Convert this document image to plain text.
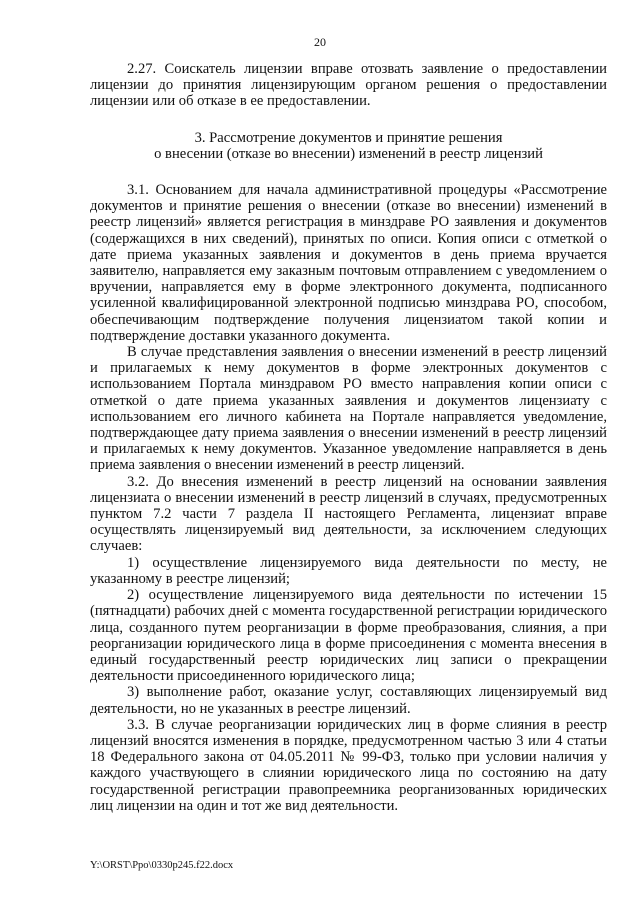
20

2.27. Соискатель лицензии вправе отозвать заявление о предоставлении лицензии до принятия лицензирующим органом решения о предоставлении лицензии или об отказе в ее предоставлении.

3. Рассмотрение документов и принятие решения
о внесении (отказе во внесении) изменений в реестр лицензий

3.1. Основанием для начала административной процедуры «Рассмотрение документов и принятие решения о внесении (отказе во внесении) изменений в реестр лицензий» является регистрация в минздраве РО заявления и документов (содержащихся в них сведений), принятых по описи. Копия описи с отметкой о дате приема указанных заявления и документов в день приема вручается заявителю, направляется ему заказным почтовым отправлением с уведомлением о вручении, направляется ему в форме электронного документа, подписанного усиленной квалифицированной электронной подписью минздрава РО, способом, обеспечивающим подтверждение получения лицензиатом такой копии и подтверждение доставки указанного документа.

В случае представления заявления о внесении изменений в реестр лицензий и прилагаемых к нему документов в форме электронных документов с использованием Портала минздравом РО вместо направления копии описи с отметкой о дате приема указанных заявления и документов лицензиату с использованием его личного кабинета на Портале направляется уведомление, подтверждающее дату приема заявления о внесении изменений в реестр лицензий и прилагаемых к нему документов. Указанное уведомление направляется в день приема заявления о внесении изменений в реестр лицензий.

3.2. До внесения изменений в реестр лицензий на основании заявления лицензиата о внесении изменений в реестр лицензий в случаях, предусмотренных пунктом 7.2 части 7 раздела II настоящего Регламента, лицензиат вправе осуществлять лицензируемый вид деятельности, за исключением следующих случаев:

1) осуществление лицензируемого вида деятельности по месту, не указанному в реестре лицензий;

2) осуществление лицензируемого вида деятельности по истечении 15 (пятнадцати) рабочих дней с момента государственной регистрации юридического лица, созданного путем реорганизации в форме преобразования, слияния, а при реорганизации юридического лица в форме присоединения с момента внесения в единый государственный реестр юридических лиц записи о прекращении деятельности присоединенного юридического лица;

3) выполнение работ, оказание услуг, составляющих лицензируемый вид деятельности, но не указанных в реестре лицензий.

3.3. В случае реорганизации юридических лиц в форме слияния в реестр лицензий вносятся изменения в порядке, предусмотренном частью 3 или 4 статьи 18 Федерального закона от 04.05.2011 № 99-ФЗ, только при условии наличия у каждого участвующего в слиянии юридического лица по состоянию на дату государственной регистрации правопреемника реорганизованных юридических лиц лицензии на один и тот же вид деятельности.

Y:\ORST\Ppo\0330p245.f22.docx
